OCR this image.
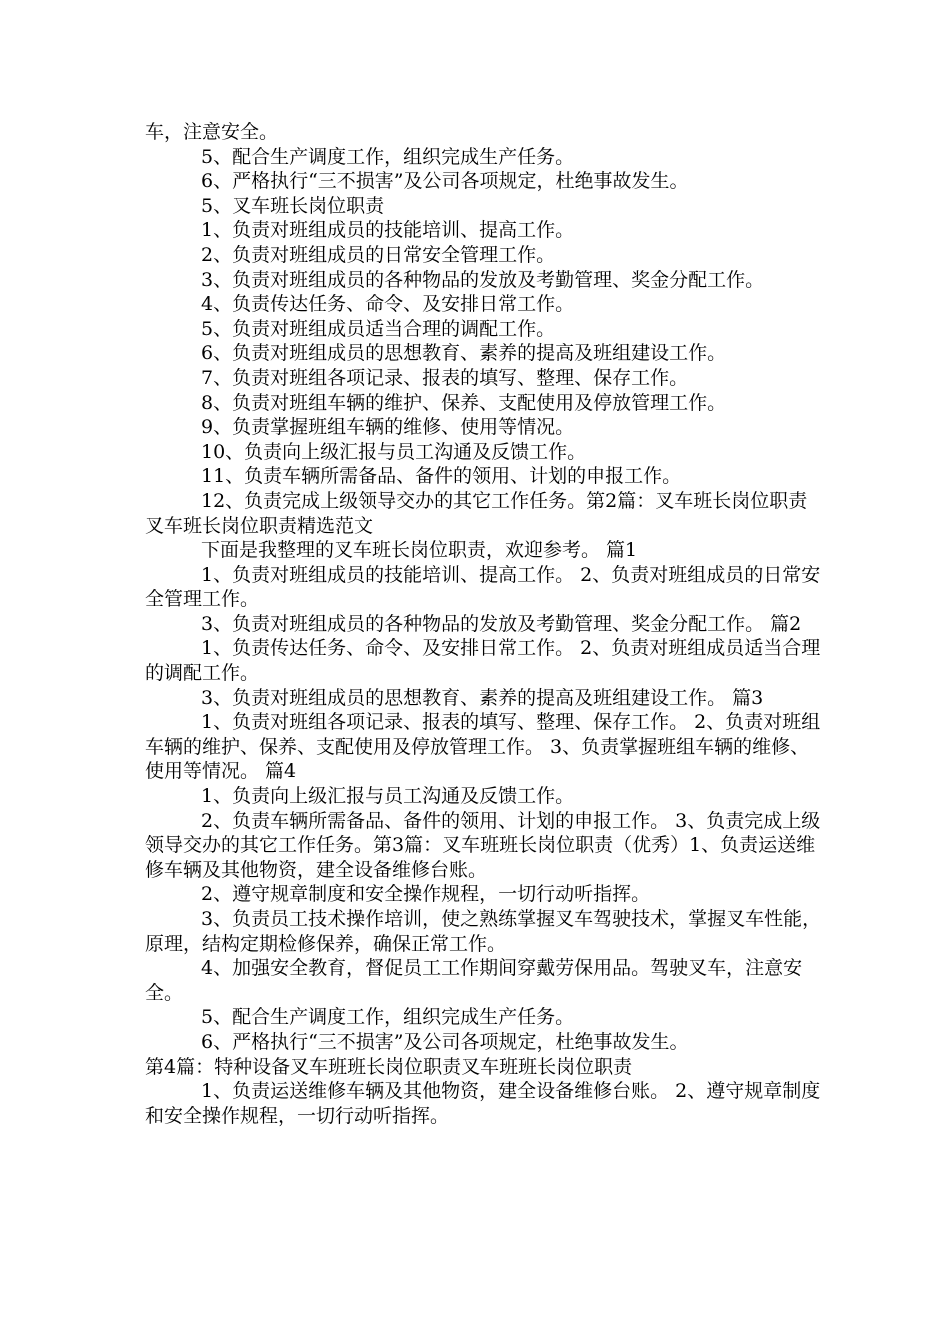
车，注意安全。

5、配合生产调度工作，组织完成生产任务。

6、严格执行“三不损害”及公司各项规定，杜绝事故发生。

5、叉车班长岗位职责

1、负责对班组成员的技能培训、提高工作。

2、负责对班组成员的日常安全管理工作。

3、负责对班组成员的各种物品的发放及考勤管理、奖金分配工作。

4、负责传达任务、命令、及安排日常工作。

5、负责对班组成员适当合理的调配工作。

6、负责对班组成员的思想教育、素养的提高及班组建设工作。

7、负责对班组各项记录、报表的填写、整理、保存工作。

8、负责对班组车辆的维护、保养、支配使用及停放管理工作。

9、负责掌握班组车辆的维修、使用等情况。

10、负责向上级汇报与员工沟通及反馈工作。

11、负责车辆所需备品、备件的领用、计划的申报工作。

12、负责完成上级领导交办的其它工作任务。第2篇：叉车班长岗位职责叉车班长岗位职责精选范文

下面是我整理的叉车班长岗位职责，欢迎参考。 篇1

1、负责对班组成员的技能培训、提高工作。 2、负责对班组成员的日常安全管理工作。

3、负责对班组成员的各种物品的发放及考勤管理、奖金分配工作。 篇2

1、负责传达任务、命令、及安排日常工作。 2、负责对班组成员适当合理的调配工作。

3、负责对班组成员的思想教育、素养的提高及班组建设工作。 篇3

1、负责对班组各项记录、报表的填写、整理、保存工作。 2、负责对班组车辆的维护、保养、支配使用及停放管理工作。 3、负责掌握班组车辆的维修、使用等情况。 篇4

1、负责向上级汇报与员工沟通及反馈工作。

2、负责车辆所需备品、备件的领用、计划的申报工作。 3、负责完成上级领导交办的其它工作任务。第3篇：叉车班班长岗位职责（优秀）1、负责运送维修车辆及其他物资，建全设备维修台账。

2、遵守规章制度和安全操作规程，一切行动听指挥。

3、负责员工技术操作培训，使之熟练掌握叉车驾驶技术，掌握叉车性能，原理，结构定期检修保养，确保正常工作。

4、加强安全教育，督促员工工作期间穿戴劳保用品。驾驶叉车，注意安全。

5、配合生产调度工作，组织完成生产任务。

6、严格执行“三不损害”及公司各项规定，杜绝事故发生。

第4篇：特种设备叉车班班长岗位职责叉车班班长岗位职责

1、负责运送维修车辆及其他物资，建全设备维修台账。 2、遵守规章制度和安全操作规程，一切行动听指挥。
